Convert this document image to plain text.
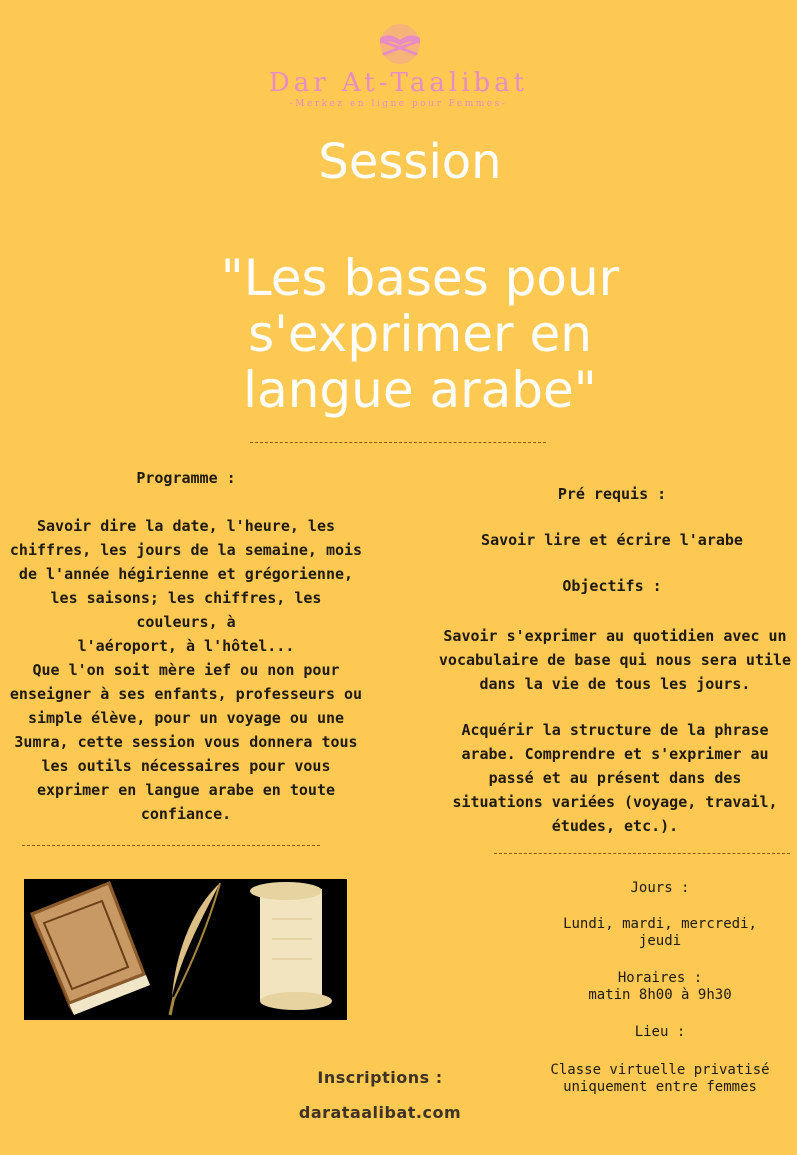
Dar At-Taalibat
-Merkez en ligne pour Femmes-
Session
"Les bases pour
s'exprimer en
langue arabe"
Programme :
Savoir dire la date, l'heure, les
chiffres, les jours de la semaine, mois
de l'année hégirienne et grégorienne,
les saisons; les chiffres, les couleurs, à
l'aéroport, à l'hôtel...
Que l'on soit mère ief ou non pour
enseigner à ses enfants, professeurs ou
simple élève, pour un voyage ou une
3umra, cette session vous donnera tous
les outils nécessaires pour vous
exprimer en langue arabe en toute
confiance.
Pré requis :
Savoir lire et écrire l'arabe
Objectifs :
Savoir s'exprimer au quotidien avec un
vocabulaire de base qui nous sera utile
dans la vie de tous les jours.
Acquérir la structure de la phrase
arabe. Comprendre et s'exprimer au
passé et au présent dans des
situations variées (voyage, travail,
études, etc.).
Jours :
Lundi, mardi, mercredi,
jeudi
Horaires :
matin 8h00 à 9h30
Lieu :
Classe virtuelle privatisé
uniquement entre femmes
Inscriptions :
darataalibat.com
